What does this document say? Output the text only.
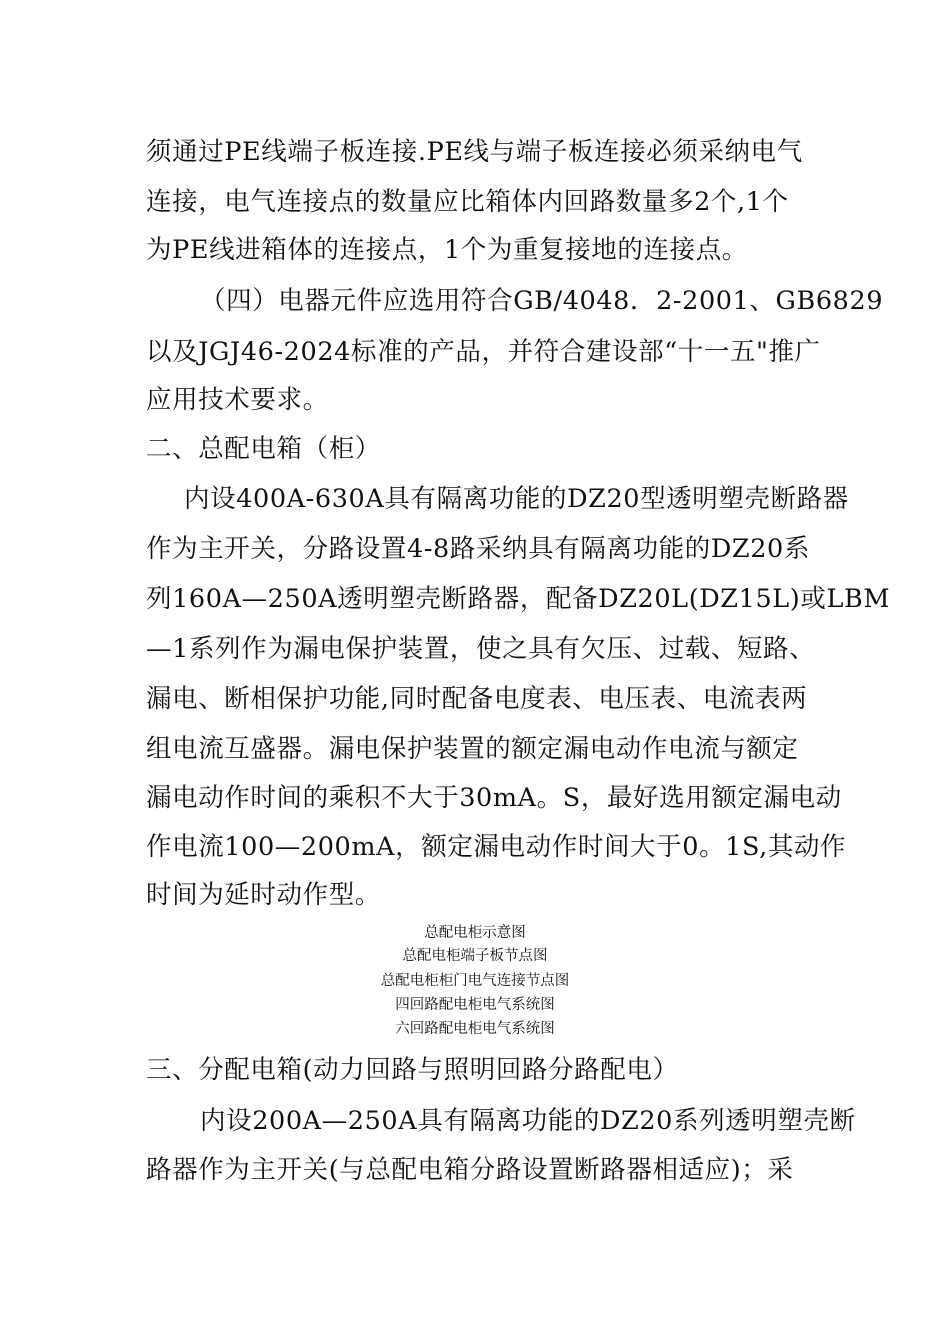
须通过PE线端子板连接.PE线与端子板连接必须采纳电气
连接，电气连接点的数量应比箱体内回路数量多2个,1个
为PE线进箱体的连接点，1个为重复接地的连接点。
（四）电器元件应选用符合GB/4048．2-2001、GB6829
以及JGJ46-2024标准的产品，并符合建设部“十一五"推广
应用技术要求。
二、总配电箱（柜）
内设400A-630A具有隔离功能的DZ20型透明塑壳断路器
作为主开关，分路设置4-8路采纳具有隔离功能的DZ20系
列160A—250A透明塑壳断路器，配备DZ20L(DZ15L)或LBM
—1系列作为漏电保护装置，使之具有欠压、过载、短路、
漏电、断相保护功能,同时配备电度表、电压表、电流表两
组电流互盛器。漏电保护装置的额定漏电动作电流与额定
漏电动作时间的乘积不大于30mA。S，最好选用额定漏电动
作电流100—200mA，额定漏电动作时间大于0。1S,其动作
时间为延时动作型。
总配电柜示意图
总配电柜端子板节点图
总配电柜柜门电气连接节点图
四回路配电柜电气系统图
六回路配电柜电气系统图
三、分配电箱(动力回路与照明回路分路配电）
内设200A—250A具有隔离功能的DZ20系列透明塑壳断
路器作为主开关(与总配电箱分路设置断路器相适应)；采
